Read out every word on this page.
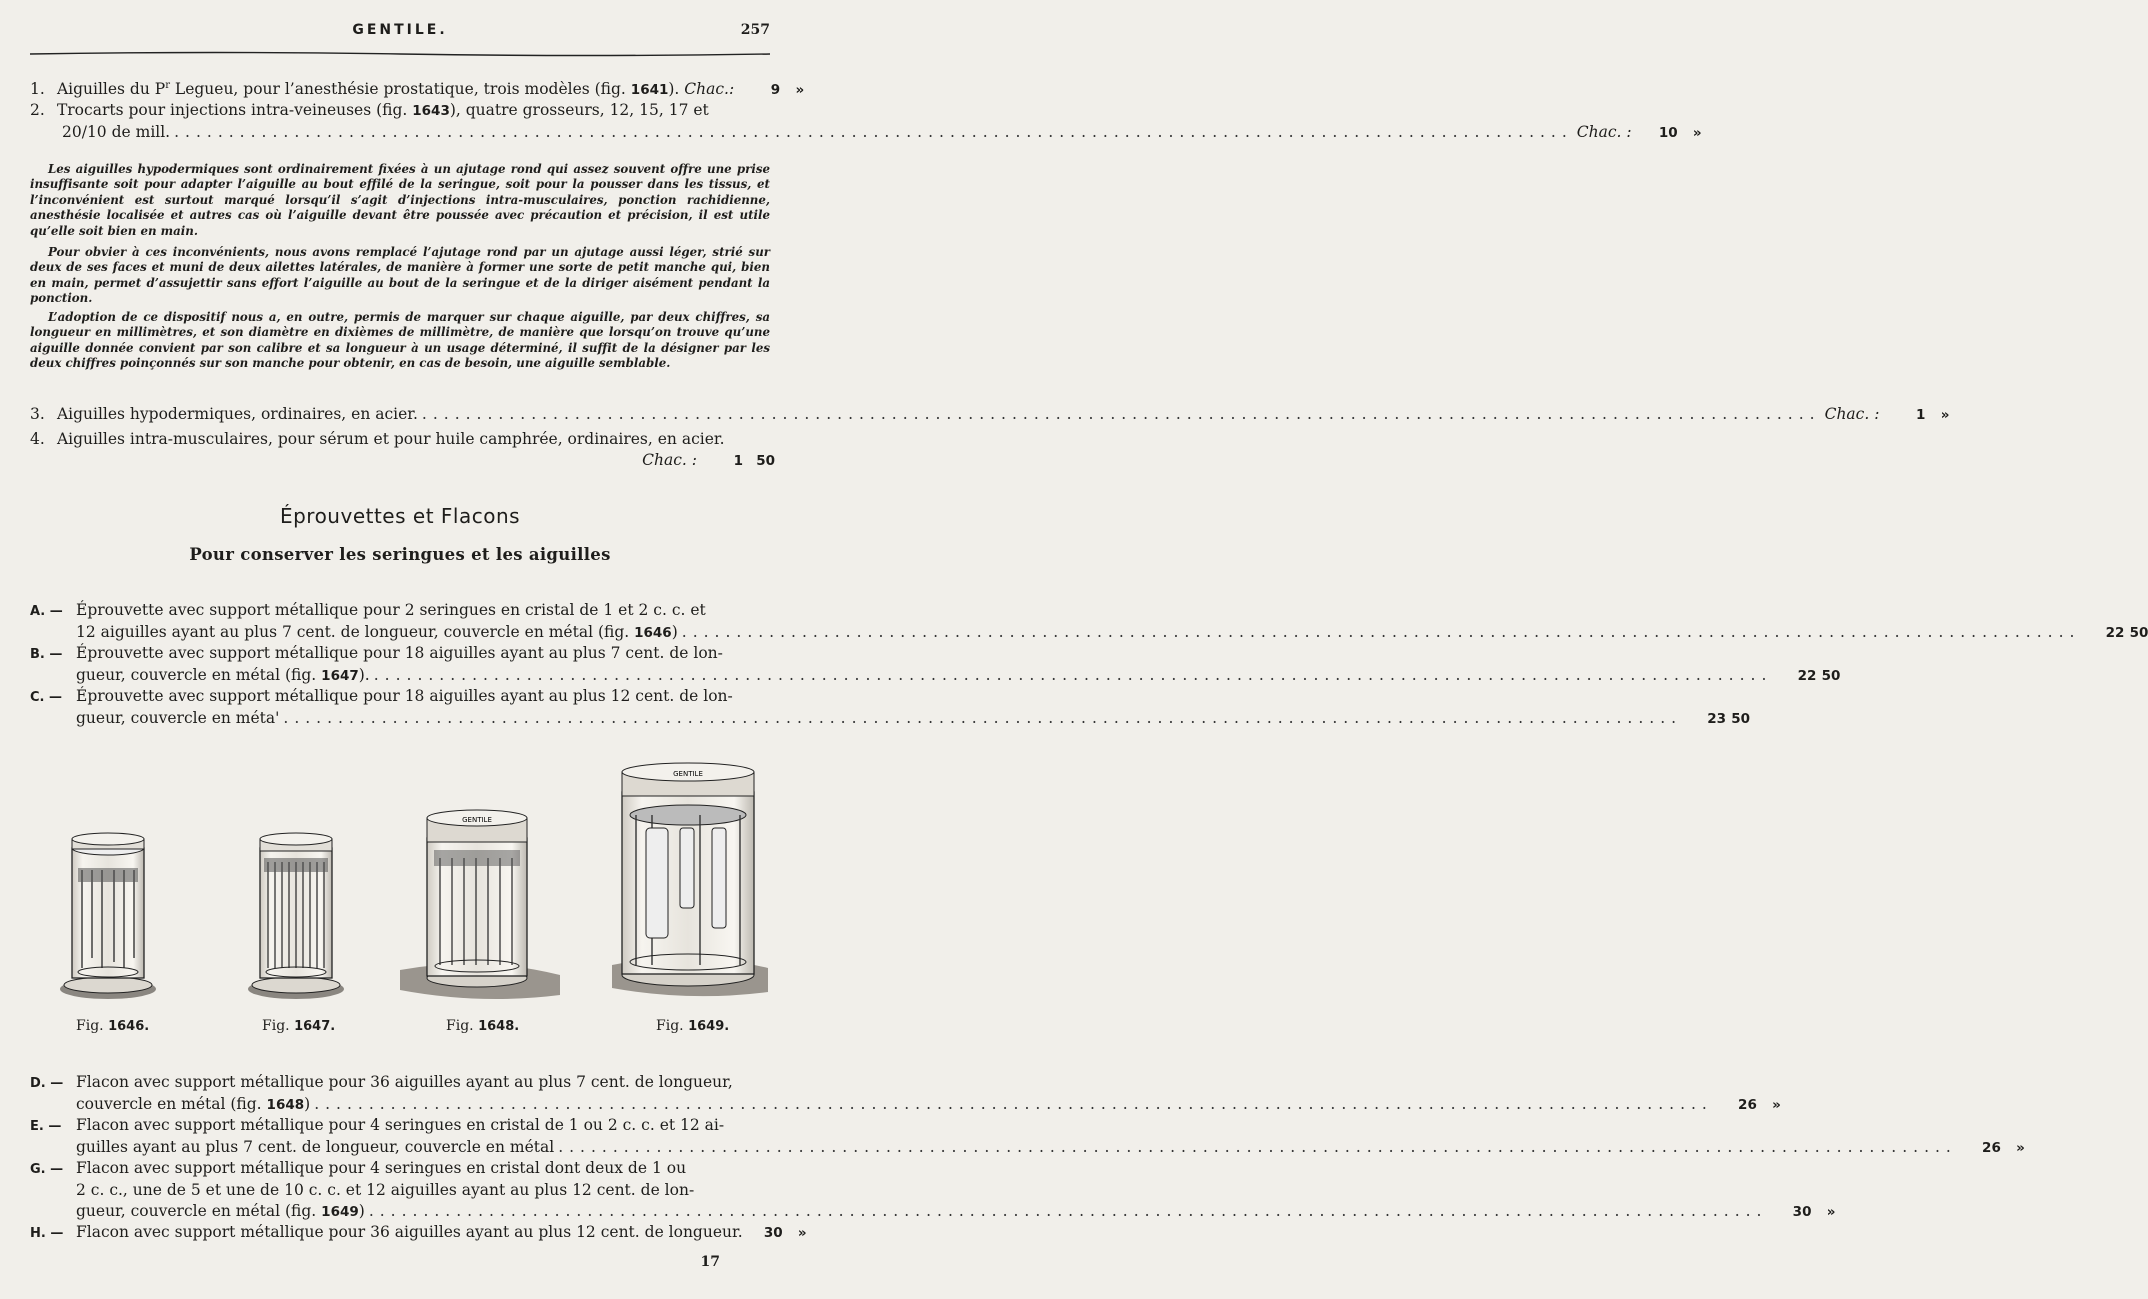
GENTILE.	257
1. Aiguilles du $P^r$ Legueu, pour l’anesthésie prostatique, trois modèles (fig. 1641). Chac.:	9	»
2. Trocarts pour injections intra-veineuses (fig. 1643), quatre grosseurs, 12, 15, 17 et
20/10 de mill. .....	Chac. :	10	»
Les aiguilles hypodermiques sont ordinairement fixées à un ajutage rond qui assez souvent offre une prise insuffisante soit pour adapter l’aiguille au bout effilé de la seringue, soit pour la pousser dans les tissus, et l’inconvénient est surtout marqué lorsqu’il s’agit d’injections intra-musculaires, ponction rachidienne, anesthésie localisée et autres cas où l’aiguille devant être poussée avec précaution et précision, il est utile qu’elle soit bien en main.
Pour obvier à ces inconvénients, nous avons remplacé l’ajutage rond par un ajutage aussi léger, strié sur deux de ses faces et muni de deux ailettes latérales, de manière à former une sorte de petit manche qui, bien en main, permet d’assujettir sans effort l’aiguille au bout de la seringue et de la diriger aisément pendant la ponction.
L’adoption de ce dispositif nous a, en outre, permis de marquer sur chaque aiguille, par deux chiffres, sa longueur en millimètres, et son diamètre en dixièmes de millimètre, de manière que lorsqu’on trouve qu’une aiguille donnée convient par son calibre et sa longueur à un usage déterminé, il suffit de la désigner par les deux chiffres poinçonnés sur son manche pour obtenir, en cas de besoin, une aiguille semblable.
3. Aiguilles hypodermiques, ordinaires, en acier. .....	Chac. :	1	»
4. Aiguilles intra-musculaires, pour sérum et pour huile camphrée, ordinaires, en acier.
Chac. :	1 50
Éprouvettes et Flacons
Pour conserver les seringues et les aiguilles
A. — Éprouvette avec support métallique pour 2 seringues en cristal de 1 et 2 c. c. et
12 aiguilles ayant au plus 7 cent. de longueur, couvercle en métal (fig. 1646) .....	22 50
B. — Éprouvette avec support métallique pour 18 aiguilles ayant au plus 7 cent. de lon-
gueur, couvercle en métal (fig. 1647). .....	22 50
C. — Éprouvette avec support métallique pour 18 aiguilles ayant au plus 12 cent. de lon-
gueur, couvercle en méta' .....	23 50
GENTILE
GENTILE
Fig. 1646.	Fig. 1647.	Fig. 1648.	Fig. 1649.
D. — Flacon avec support métallique pour 36 aiguilles ayant au plus 7 cent. de longueur,
couvercle en métal (fig. 1648) .....	26	»
E. — Flacon avec support métallique pour 4 seringues en cristal de 1 ou 2 c. c. et 12 ai-
guilles ayant au plus 7 cent. de longueur, couvercle en métal .....	26	»
G. — Flacon avec support métallique pour 4 seringues en cristal dont deux de 1 ou
2 c. c., une de 5 et une de 10 c. c. et 12 aiguilles ayant au plus 12 cent. de lon-
gueur, couvercle en métal (fig. 1649) .....	30	»
H. — Flacon avec support métallique pour 36 aiguilles ayant au plus 12 cent. de longueur.	30	»
17
